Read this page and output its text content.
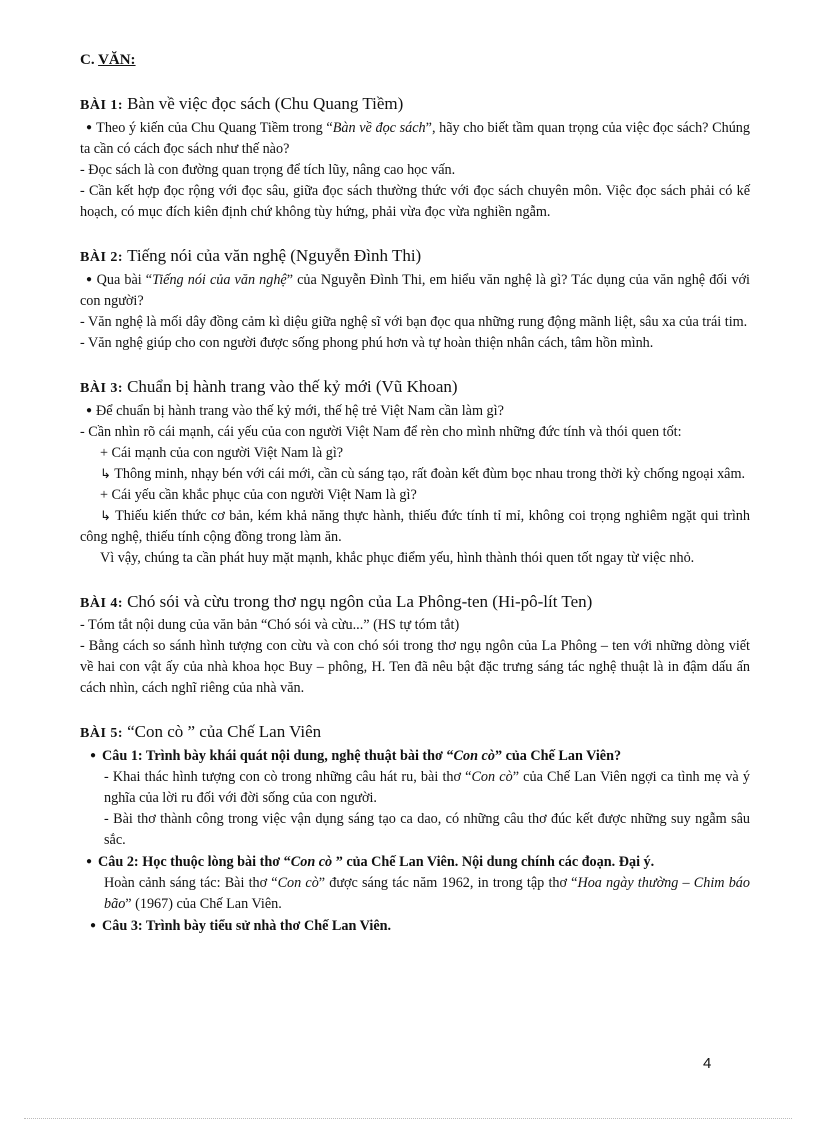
C. VĂN:
BÀI 1: Bàn về việc đọc sách (Chu Quang Tiềm)

● Theo ý kiến của Chu Quang Tiềm trong “Bàn về đọc sách”, hãy cho biết tầm quan trọng của việc đọc sách? Chúng ta cần có cách đọc sách như thế nào?

- Đọc sách là con đường quan trọng để tích lũy, nâng cao học vấn.

- Cần kết hợp đọc rộng với đọc sâu, giữa đọc sách thường thức với đọc sách chuyên môn. Việc đọc sách phải có kế hoạch, có mục đích kiên định chứ không tùy hứng, phải vừa đọc vừa nghiền ngẫm.

BÀI 2: Tiếng nói của văn nghệ (Nguyễn Đình Thi)

● Qua bài “Tiếng nói của văn nghệ” của Nguyễn Đình Thi, em hiểu văn nghệ là gì? Tác dụng của văn nghệ đối với con người?

- Văn nghệ là mối dây đồng cảm kì diệu giữa nghệ sĩ với bạn đọc qua những rung động mãnh liệt, sâu xa của trái tim.

- Văn nghệ giúp cho con người được sống phong phú hơn và tự hoàn thiện nhân cách, tâm hồn mình.

BÀI 3: Chuẩn bị hành trang vào thế kỷ mới (Vũ Khoan)

● Để chuẩn bị hành trang vào thế kỷ mới, thế hệ trẻ Việt Nam cần làm gì?

- Cần nhìn rõ cái mạnh, cái yếu của con người Việt Nam để rèn cho mình những đức tính và thói quen tốt:

+ Cái mạnh của con người Việt Nam là gì?

↳ Thông minh, nhạy bén với cái mới, cần cù sáng tạo, rất đoàn kết đùm bọc nhau trong thời kỳ chống ngoại xâm.

+ Cái yếu cần khắc phục của con người Việt Nam là gì?

↳ Thiếu kiến thức cơ bản, kém khả năng thực hành, thiếu đức tính tỉ mỉ, không coi trọng nghiêm ngặt qui trình công nghệ, thiếu tính cộng đồng trong làm ăn.

Vì vậy, chúng ta cần phát huy mặt mạnh, khắc phục điểm yếu, hình thành thói quen tốt ngay từ việc nhỏ.

BÀI 4: Chó sói và cừu trong thơ ngụ ngôn của La Phông-ten (Hi-pô-lít Ten)

- Tóm tắt nội dung của văn bản “Chó sói và cừu...” (HS tự tóm tắt)

- Bằng cách so sánh hình tượng con cừu và con chó sói trong thơ ngụ ngôn của La Phông – ten với những dòng viết về hai con vật ấy của nhà khoa học Buy – phông, H. Ten đã nêu bật đặc trưng sáng tác nghệ thuật là in đậm dấu ấn cách nhìn, cách nghĩ riêng của nhà văn.

BÀI 5: “Con cò ” của Chế Lan Viên

● Câu 1: Trình bày khái quát nội dung, nghệ thuật bài thơ “Con cò” của Chế Lan Viên?

- Khai thác hình tượng con cò trong những câu hát ru, bài thơ “Con cò” của Chế Lan Viên ngợi ca tình mẹ và ý nghĩa của lời ru đối với đời sống của con người.

- Bài thơ thành công trong việc vận dụng sáng tạo ca dao, có những câu thơ đúc kết được những suy ngẫm sâu sắc.

● Câu 2: Học thuộc lòng bài thơ “Con cò ” của Chế Lan Viên. Nội dung chính các đoạn. Đại ý.

Hoàn cảnh sáng tác: Bài thơ “Con cò” được sáng tác năm 1962, in trong tập thơ “Hoa ngày thường – Chim báo bão” (1967) của Chế Lan Viên.

● Câu 3: Trình bày tiểu sử nhà thơ Chế Lan Viên.

4
